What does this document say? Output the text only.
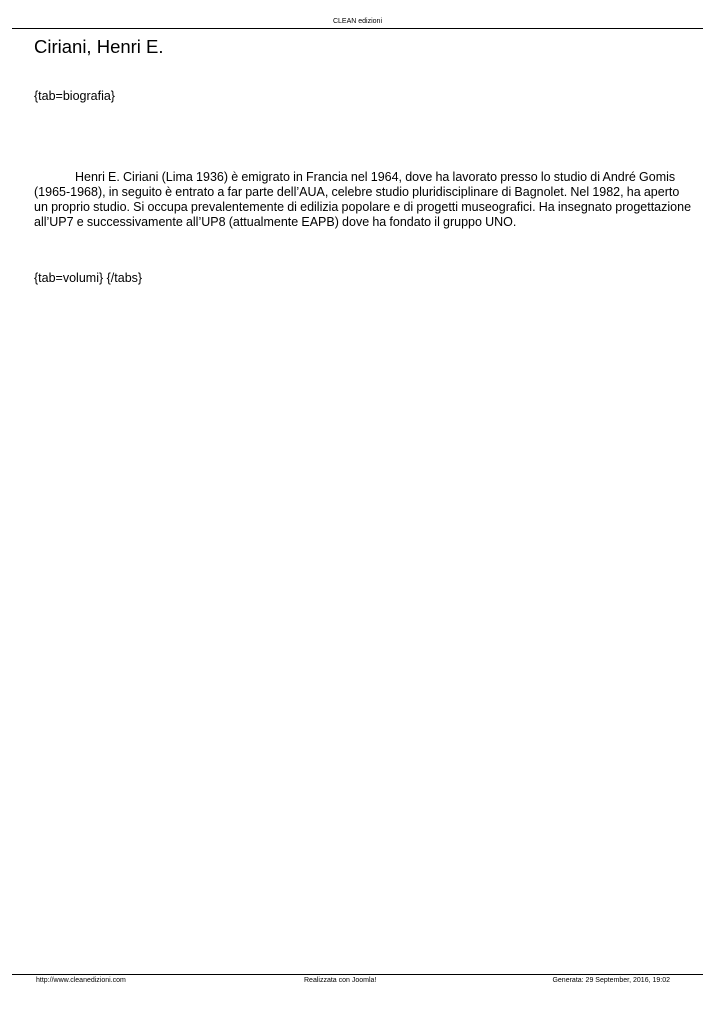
CLEAN edizioni
Ciriani, Henri E.
{tab=biografia}

Henri E. Ciriani (Lima 1936) è emigrato in Francia nel 1964, dove ha lavorato presso lo studio di André Gomis (1965-1968), in seguito è entrato a far parte dell’AUA, celebre studio pluridisciplinare di Bagnolet. Nel 1982, ha aperto un proprio studio. Si occupa prevalentemente di edilizia popolare e di progetti museografici. Ha insegnato progettazione all’UP7 e successivamente all’UP8 (attualmente EAPB) dove ha fondato il gruppo UNO.

{tab=volumi} {/tabs}
http://www.cleanedizioni.com	Realizzata con Joomla!	Generata: 29 September, 2016, 19:02
